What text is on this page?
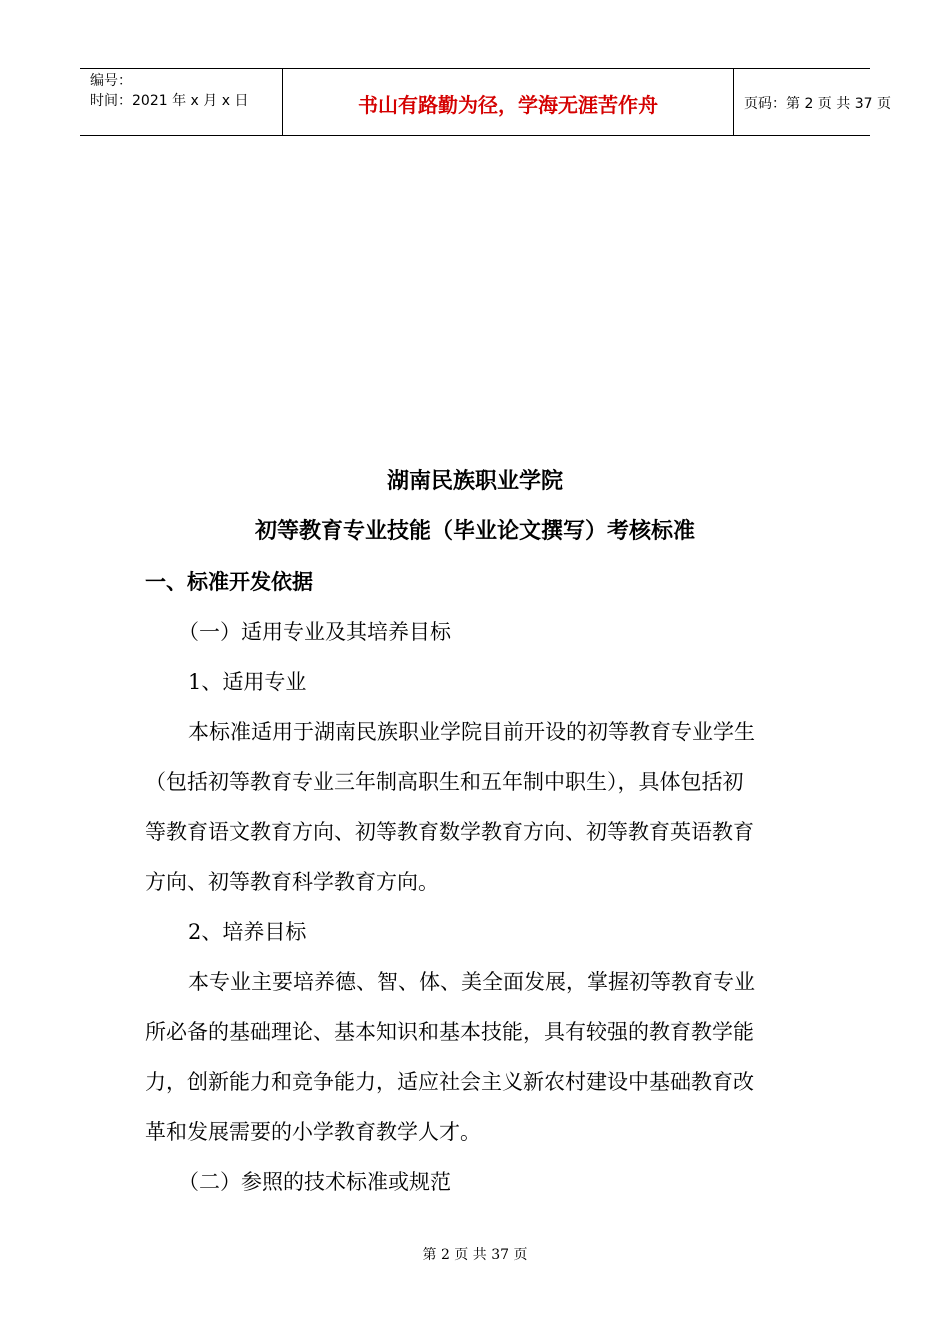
编号：
时间：2021 年 x 月 x 日	书山有路勤为径，学海无涯苦作舟	页码：第 2 页 共 37 页
湖南民族职业学院
初等教育专业技能（毕业论文撰写）考核标准
一、标准开发依据
（一）适用专业及其培养目标
1、适用专业
本标准适用于湖南民族职业学院目前开设的初等教育专业学生
（包括初等教育专业三年制高职生和五年制中职生），具体包括初
等教育语文教育方向、初等教育数学教育方向、初等教育英语教育
方向、初等教育科学教育方向。
2、培养目标
本专业主要培养德、智、体、美全面发展，掌握初等教育专业
所必备的基础理论、基本知识和基本技能，具有较强的教育教学能
力，创新能力和竞争能力，适应社会主义新农村建设中基础教育改
革和发展需要的小学教育教学人才。
（二）参照的技术标准或规范
第 2 页 共 37 页
